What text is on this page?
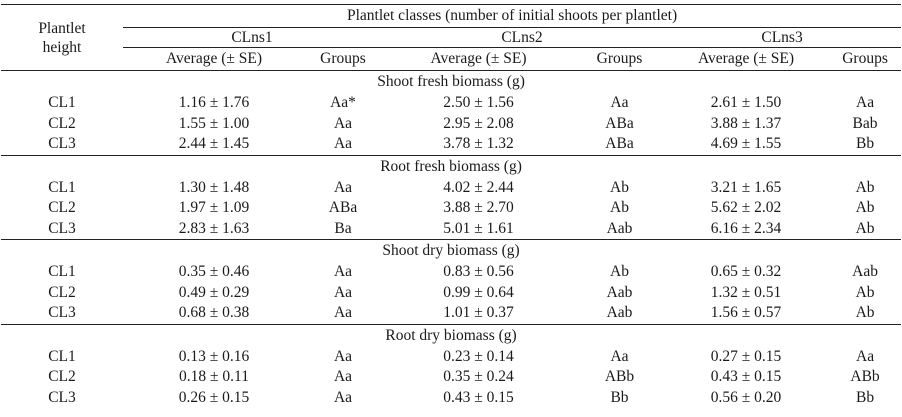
Plantlet height	Plantlet classes (number of initial shoots per plantlet)					
	CLns1		CLns2		CLns3	
	Average (± SE)	Groups	Average (± SE)	Groups	Average (± SE)	Groups
Shoot fresh biomass (g)						
CL1	1.16 ± 1.76	Aa*	2.50 ± 1.56	Aa	2.61 ± 1.50	Aa
CL2	1.55 ± 1.00	Aa	2.95 ± 2.08	ABa	3.88 ± 1.37	Bab
CL3	2.44 ± 1.45	Aa	3.78 ± 1.32	ABa	4.69 ± 1.55	Bb
Root fresh biomass (g)						
CL1	1.30 ± 1.48	Aa	4.02 ± 2.44	Ab	3.21 ± 1.65	Ab
CL2	1.97 ± 1.09	ABa	3.88 ± 2.70	Ab	5.62 ± 2.02	Ab
CL3	2.83 ± 1.63	Ba	5.01 ± 1.61	Aab	6.16 ± 2.34	Ab
Shoot dry biomass (g)						
CL1	0.35 ± 0.46	Aa	0.83 ± 0.56	Ab	0.65 ± 0.32	Aab
CL2	0.49 ± 0.29	Aa	0.99 ± 0.64	Aab	1.32 ± 0.51	Ab
CL3	0.68 ± 0.38	Aa	1.01 ± 0.37	Aab	1.56 ± 0.57	Ab
Root dry biomass (g)						
CL1	0.13 ± 0.16	Aa	0.23 ± 0.14	Aa	0.27 ± 0.15	Aa
CL2	0.18 ± 0.11	Aa	0.35 ± 0.24	ABb	0.43 ± 0.15	ABb
CL3	0.26 ± 0.15	Aa	0.43 ± 0.15	Bb	0.56 ± 0.20	Bb
